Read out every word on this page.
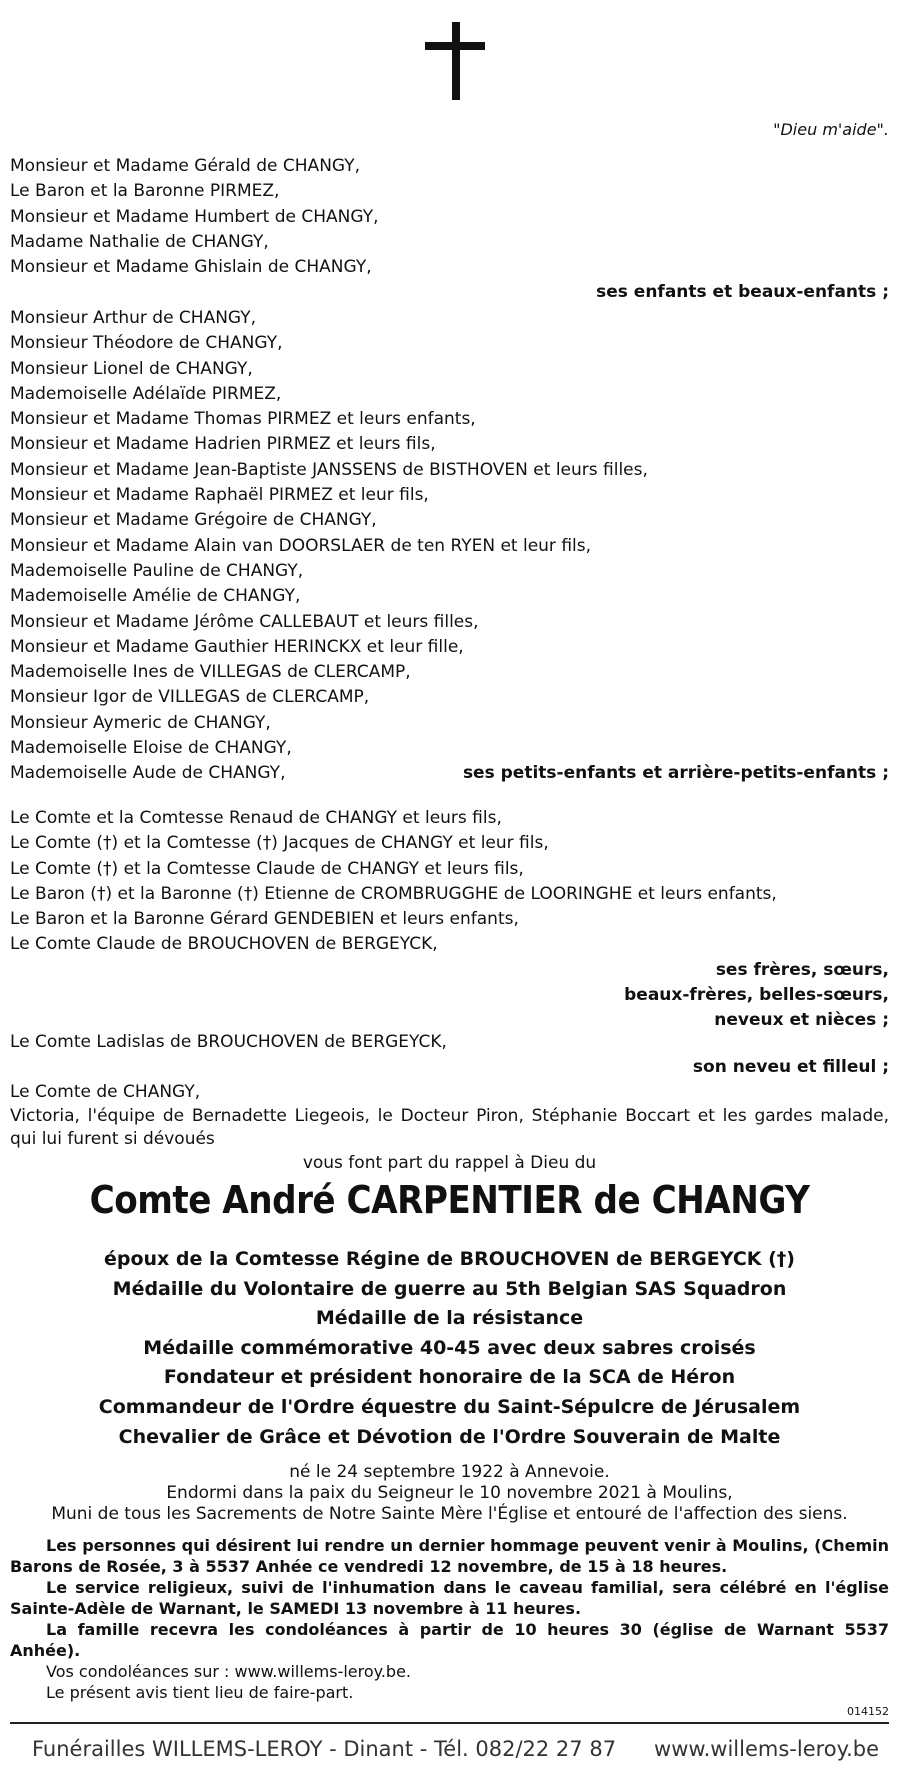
"Dieu m'aide".
Monsieur et Madame Gérald de CHANGY,
Le Baron et la Baronne PIRMEZ,
Monsieur et Madame Humbert de CHANGY,
Madame Nathalie de CHANGY,
Monsieur et Madame Ghislain de CHANGY,
ses enfants et beaux-enfants ;
Monsieur Arthur de CHANGY,
Monsieur Théodore de CHANGY,
Monsieur Lionel de CHANGY,
Mademoiselle Adélaïde PIRMEZ,
Monsieur et Madame Thomas PIRMEZ et leurs enfants,
Monsieur et Madame Hadrien PIRMEZ et leurs fils,
Monsieur et Madame Jean-Baptiste JANSSENS de BISTHOVEN et leurs filles,
Monsieur et Madame Raphaël PIRMEZ et leur fils,
Monsieur et Madame Grégoire de CHANGY,
Monsieur et Madame Alain van DOORSLAER de ten RYEN et leur fils,
Mademoiselle Pauline de CHANGY,
Mademoiselle Amélie de CHANGY,
Monsieur et Madame Jérôme CALLEBAUT et leurs filles,
Monsieur et Madame Gauthier HERINCKX et leur fille,
Mademoiselle Ines de VILLEGAS de CLERCAMP,
Monsieur Igor de VILLEGAS de CLERCAMP,
Monsieur Aymeric de CHANGY,
Mademoiselle Eloise de CHANGY,
Mademoiselle Aude de CHANGY,	ses petits-enfants et arrière-petits-enfants ;
Le Comte et la Comtesse Renaud de CHANGY et leurs fils,
Le Comte (†) et la Comtesse (†) Jacques de CHANGY et leur fils,
Le Comte (†) et la Comtesse Claude de CHANGY et leurs fils,
Le Baron (†) et la Baronne (†) Etienne de CROMBRUGGHE de LOORINGHE et leurs enfants,
Le Baron et la Baronne Gérard GENDEBIEN et leurs enfants,
Le Comte Claude de BROUCHOVEN de BERGEYCK,
ses frères, sœurs,
beaux-frères, belles-sœurs,
neveux et nièces ;
Le Comte Ladislas de BROUCHOVEN de BERGEYCK,
son neveu et filleul ;
Le Comte de CHANGY,
Victoria, l'équipe de Bernadette Liegeois, le Docteur Piron, Stéphanie Boccart et les gardes malade, qui lui furent si dévoués
vous font part du rappel à Dieu du
Comte André CARPENTIER de CHANGY
époux de la Comtesse Régine de BROUCHOVEN de BERGEYCK (†)
Médaille du Volontaire de guerre au 5th Belgian SAS Squadron
Médaille de la résistance
Médaille commémorative 40-45 avec deux sabres croisés
Fondateur et président honoraire de la SCA de Héron
Commandeur de l'Ordre équestre du Saint-Sépulcre de Jérusalem
Chevalier de Grâce et Dévotion de l'Ordre Souverain de Malte
né le 24 septembre 1922 à Annevoie.
Endormi dans la paix du Seigneur le 10 novembre 2021 à Moulins,
Muni de tous les Sacrements de Notre Sainte Mère l'Église et entouré de l'affection des siens.

Les personnes qui désirent lui rendre un dernier hommage peuvent venir à Moulins, (Chemin Barons de Rosée, 3 à 5537 Anhée ce vendredi 12 novembre, de 15 à 18 heures.

Le service religieux, suivi de l'inhumation dans le caveau familial, sera célébré en l'église Sainte-Adèle de Warnant, le SAMEDI 13 novembre à 11 heures.

La famille recevra les condoléances à partir de 10 heures 30 (église de Warnant 5537 Anhée).

Vos condoléances sur : www.willems-leroy.be.

Le présent avis tient lieu de faire-part.

014152
Funérailles WILLEMS-LEROY - Dinant - Tél. 082/22 27 87 www.willems-leroy.be
